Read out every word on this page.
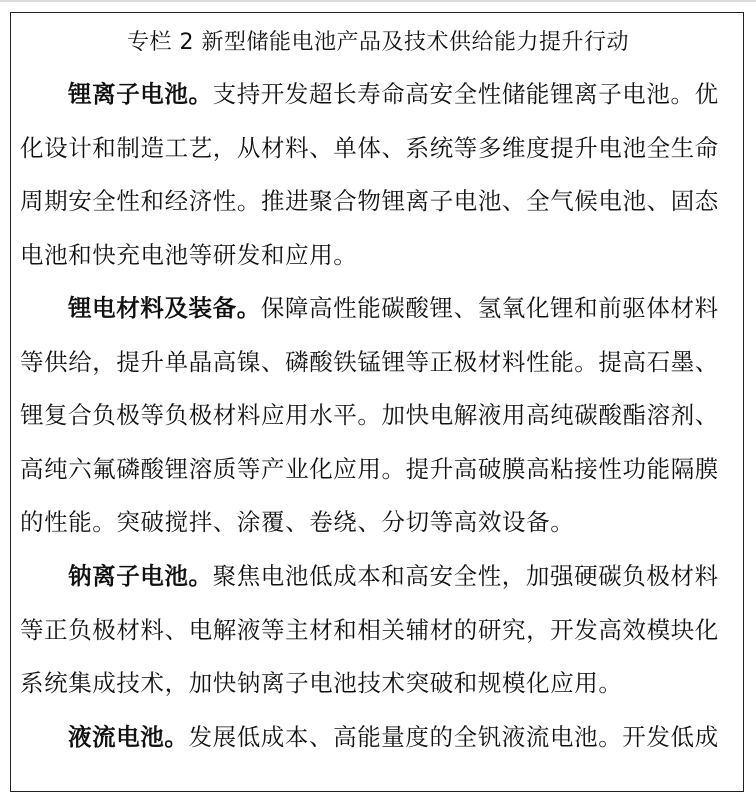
专栏 2 新型储能电池产品及技术供给能力提升行动
锂离子电池。支持开发超长寿命高安全性储能锂离子电池。优
化设计和制造工艺，从材料、单体、系统等多维度提升电池全生命
周期安全性和经济性。推进聚合物锂离子电池、全气候电池、固态
电池和快充电池等研发和应用。
锂电材料及装备。保障高性能碳酸锂、氢氧化锂和前驱体材料
等供给，提升单晶高镍、磷酸铁锰锂等正极材料性能。提高石墨、
锂复合负极等负极材料应用水平。加快电解液用高纯碳酸酯溶剂、
高纯六氟磷酸锂溶质等产业化应用。提升高破膜高粘接性功能隔膜
的性能。突破搅拌、涂覆、卷绕、分切等高效设备。
钠离子电池。聚焦电池低成本和高安全性，加强硬碳负极材料
等正负极材料、电解液等主材和相关辅材的研究，开发高效模块化
系统集成技术，加快钠离子电池技术突破和规模化应用。
液流电池。发展低成本、高能量度的全钒液流电池。开发低成
